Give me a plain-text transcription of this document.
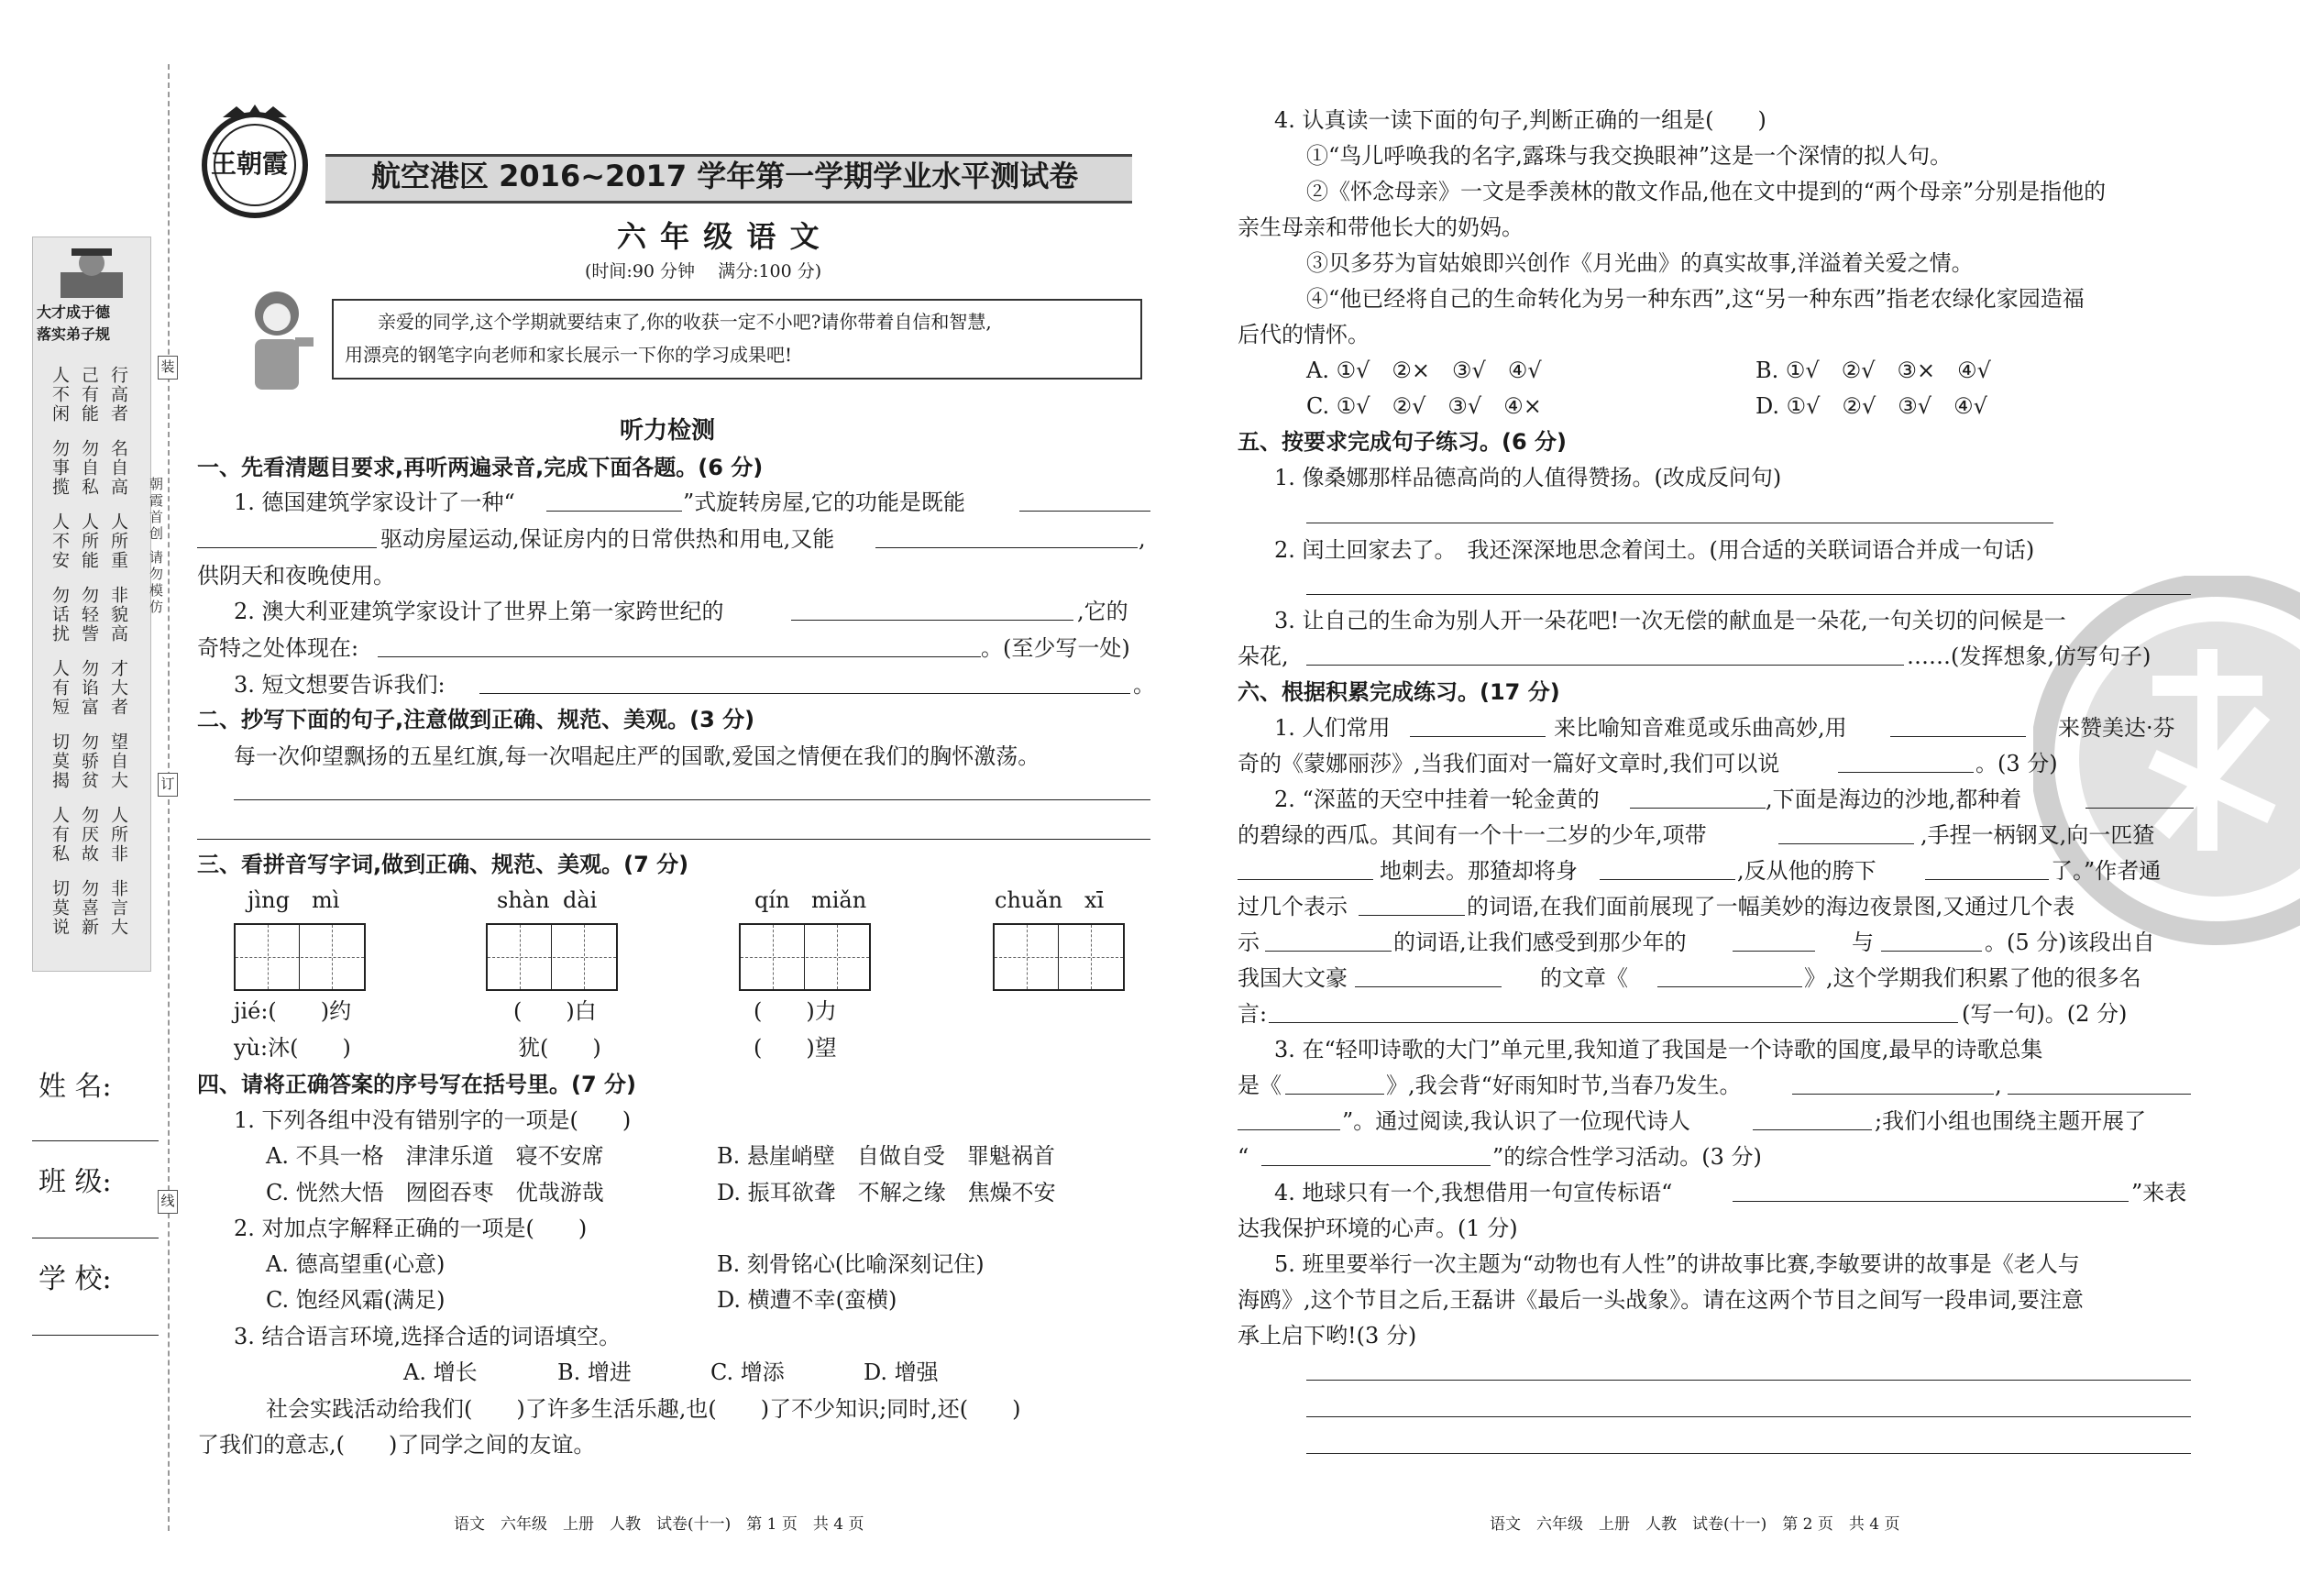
大才成于德
落实弟子规
人不闲 己有能 行高者
勿事揽 勿自私 名自高
人不安 人所能 人所重
勿话扰 勿轻訾 非貌高
人有短 勿谄富 才大者
切莫揭 勿骄贫 望自大
人有私 勿厌故 人所非
切莫说 勿喜新 非言大
装
订
线
朝霞首创 请勿模仿
姓 名:
班 级:
学 校:
王朝霞	航空港区 2016~2017 学年第一学期学业水平测试卷
六 年 级 语 文
(时间:90 分钟　 满分:100 分)
亲爱的同学,这个学期就要结束了,你的收获一定不小吧?请你带着自信和智慧,
用漂亮的钢笔字向老师和家长展示一下你的学习成果吧!
听力检测
一、先看清题目要求,再听两遍录音,完成下面各题。(6 分)
1. 德国建筑学家设计了一种“	”式旋转房屋,它的功能是既能
驱动房屋运动,保证房内的日常供热和用电,又能	,
供阴天和夜晚使用。
2. 澳大利亚建筑学家设计了世界上第一家跨世纪的	,它的
奇特之处体现在:	。(至少写一处)
3. 短文想要告诉我们:	。
二、抄写下面的句子,注意做到正确、规范、美观。(3 分)
每一次仰望飘扬的五星红旗,每一次唱起庄严的国歌,爱国之情便在我们的胸怀激荡。
三、看拼音写字词,做到正确、规范、美观。(7 分)
jìng mì	shàn dài	qín miǎn	chuǎn xī
jié:(　　)约	(　　)白	(　　)力
yù:沐(　　)	犹(　　)	(　　)望
四、请将正确答案的序号写在括号里。(7 分)
1. 下列各组中没有错别字的一项是(　　)
A. 不具一格　津津乐道　寝不安席	B. 悬崖峭壁　自做自受　罪魁祸首
C. 恍然大悟　囫囵吞枣　优哉游哉	D. 振耳欲聋　不解之缘　焦燥不安
2. 对加点字解释正确的一项是(　　)
A. 德高望重(心意)	B. 刻骨铭心(比喻深刻记住)
C. 饱经风霜(满足)	D. 横遭不幸(蛮横)
3. 结合语言环境,选择合适的词语填空。
A. 增长	B. 增进	C. 增添	D. 增强
社会实践活动给我们(　　)了许多生活乐趣,也(　　)了不少知识;同时,还(　　)
了我们的意志,(　　)了同学之间的友谊。
语文　六年级　上册　人教　试卷(十一)　第 1 页　共 4 页
4. 认真读一读下面的句子,判断正确的一组是(　　)
①“鸟儿呼唤我的名字,露珠与我交换眼神”这是一个深情的拟人句。
②《怀念母亲》一文是季羡林的散文作品,他在文中提到的“两个母亲”分别是指他的
亲生母亲和带他长大的奶妈。
③贝多芬为盲姑娘即兴创作《月光曲》的真实故事,洋溢着关爱之情。
④“他已经将自己的生命转化为另一种东西”,这“另一种东西”指老农绿化家园造福
后代的情怀。
A. ①√　②×　③√　④√	B. ①√　②√　③×　④√
C. ①√　②√　③√　④×	D. ①√　②√　③√　④√
五、按要求完成句子练习。(6 分)
1. 像桑娜那样品德高尚的人值得赞扬。(改成反问句)
2. 闰土回家去了。　我还深深地思念着闰土。(用合适的关联词语合并成一句话)
3. 让自己的生命为别人开一朵花吧!一次无偿的献血是一朵花,一句关切的问候是一
朵花,	……(发挥想象,仿写句子)
六、根据积累完成练习。(17 分)
1. 人们常用	来比喻知音难觅或乐曲高妙,用	来赞美达·芬
奇的《蒙娜丽莎》,当我们面对一篇好文章时,我们可以说	。(3 分)
2. “深蓝的天空中挂着一轮金黄的	,下面是海边的沙地,都种着
的碧绿的西瓜。其间有一个十一二岁的少年,项带	,手捏一柄钢叉,向一匹猹
地刺去。那猹却将身	,反从他的胯下	了。”作者通
过几个表示	的词语,在我们面前展现了一幅美妙的海边夜景图,又通过几个表
示	的词语,让我们感受到那少年的	与	。(5 分)该段出自
我国大文豪	的文章《	》,这个学期我们积累了他的很多名
言:	(写一句)。(2 分)
3. 在“轻叩诗歌的大门”单元里,我知道了我国是一个诗歌的国度,最早的诗歌总集
是《	》,我会背“好雨知时节,当春乃发生。	,
”。通过阅读,我认识了一位现代诗人	;我们小组也围绕主题开展了
“	”的综合性学习活动。(3 分)
4. 地球只有一个,我想借用一句宣传标语“	”来表
达我保护环境的心声。(1 分)
5. 班里要举行一次主题为“动物也有人性”的讲故事比赛,李敏要讲的故事是《老人与
海鸥》,这个节目之后,王磊讲《最后一头战象》。请在这两个节目之间写一段串词,要注意
承上启下哟!(3 分)
语文　六年级　上册　人教　试卷(十一)　第 2 页　共 4 页
